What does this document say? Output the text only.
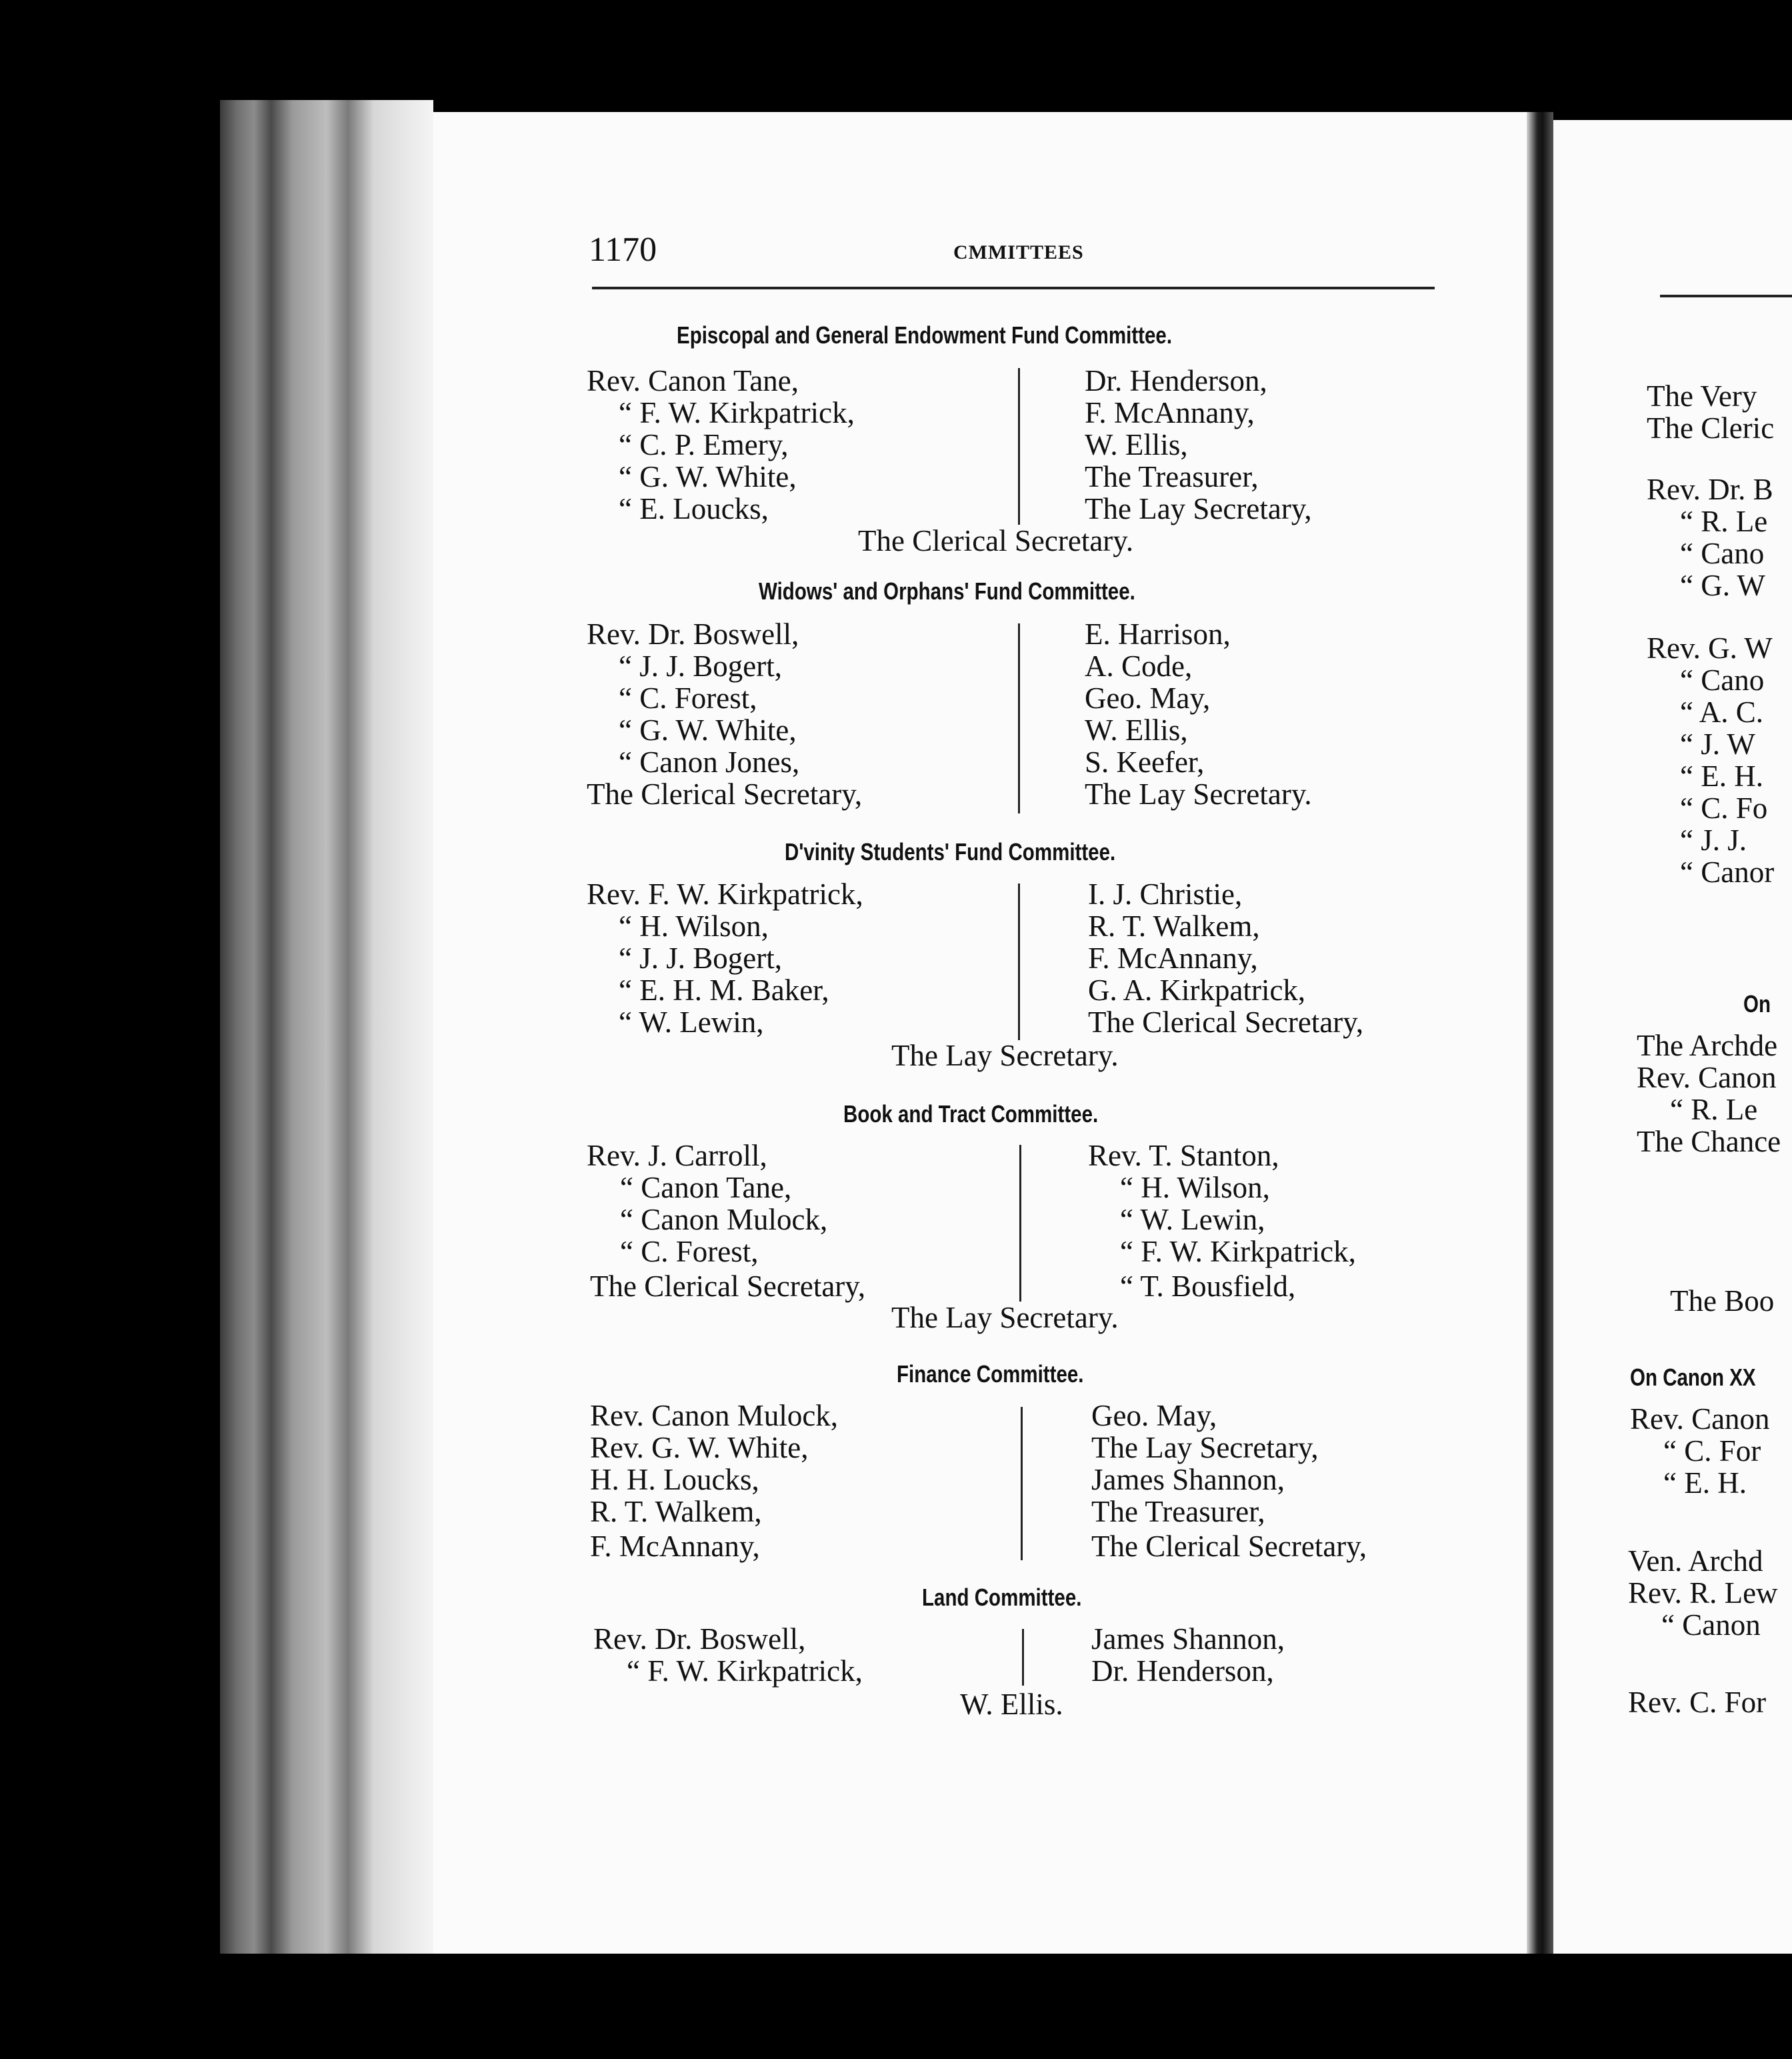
1170	CMMITTEES
Episcopal and General Endowment Fund Committee.
Rev. Canon Tane,
“ F. W. Kirkpatrick,
“ C. P. Emery,
“ G. W. White,
“ E. Loucks,
Dr. Henderson,
F. McAnnany,
W. Ellis,
The Treasurer,
The Lay Secretary,
The Clerical Secretary.
Widows' and Orphans' Fund Committee.
Rev. Dr. Boswell,
“ J. J. Bogert,
“ C. Forest,
“ G. W. White,
“ Canon Jones,
The Clerical Secretary,
E. Harrison,
A. Code,
Geo. May,
W. Ellis,
S. Keefer,
The Lay Secretary.
D'vinity Students' Fund Committee.
Rev. F. W. Kirkpatrick,
“ H. Wilson,
“ J. J. Bogert,
“ E. H. M. Baker,
“ W. Lewin,
I. J. Christie,
R. T. Walkem,
F. McAnnany,
G. A. Kirkpatrick,
The Clerical Secretary,
The Lay Secretary.
Book and Tract Committee.
Rev. J. Carroll,
“ Canon Tane,
“ Canon Mulock,
“ C. Forest,
The Clerical Secretary,
Rev. T. Stanton,
“ H. Wilson,
“ W. Lewin,
“ F. W. Kirkpatrick,
“ T. Bousfield,
The Lay Secretary.
Finance Committee.
Rev. Canon Mulock,
Rev. G. W. White,
H. H. Loucks,
R. T. Walkem,
F. McAnnany,
Geo. May,
The Lay Secretary,
James Shannon,
The Treasurer,
The Clerical Secretary,
Land Committee.
Rev. Dr. Boswell,
“ F. W. Kirkpatrick,
James Shannon,
Dr. Henderson,
W. Ellis.
The Very
The Cleric
Rev. Dr. B
“ R. Le
“ Cano
“ G. W
Rev. G. W
“ Cano
“ A. C.
“ J. W
“ E. H.
“ C. Fo
“ J. J.
“ Canor
On
The Archde
Rev. Canon
“ R. Le
The Chance
The Boo
On Canon XX
Rev. Canon
“ C. For
“ E. H.
Ven. Archd
Rev. R. Lew
“ Canon
Rev. C. For
